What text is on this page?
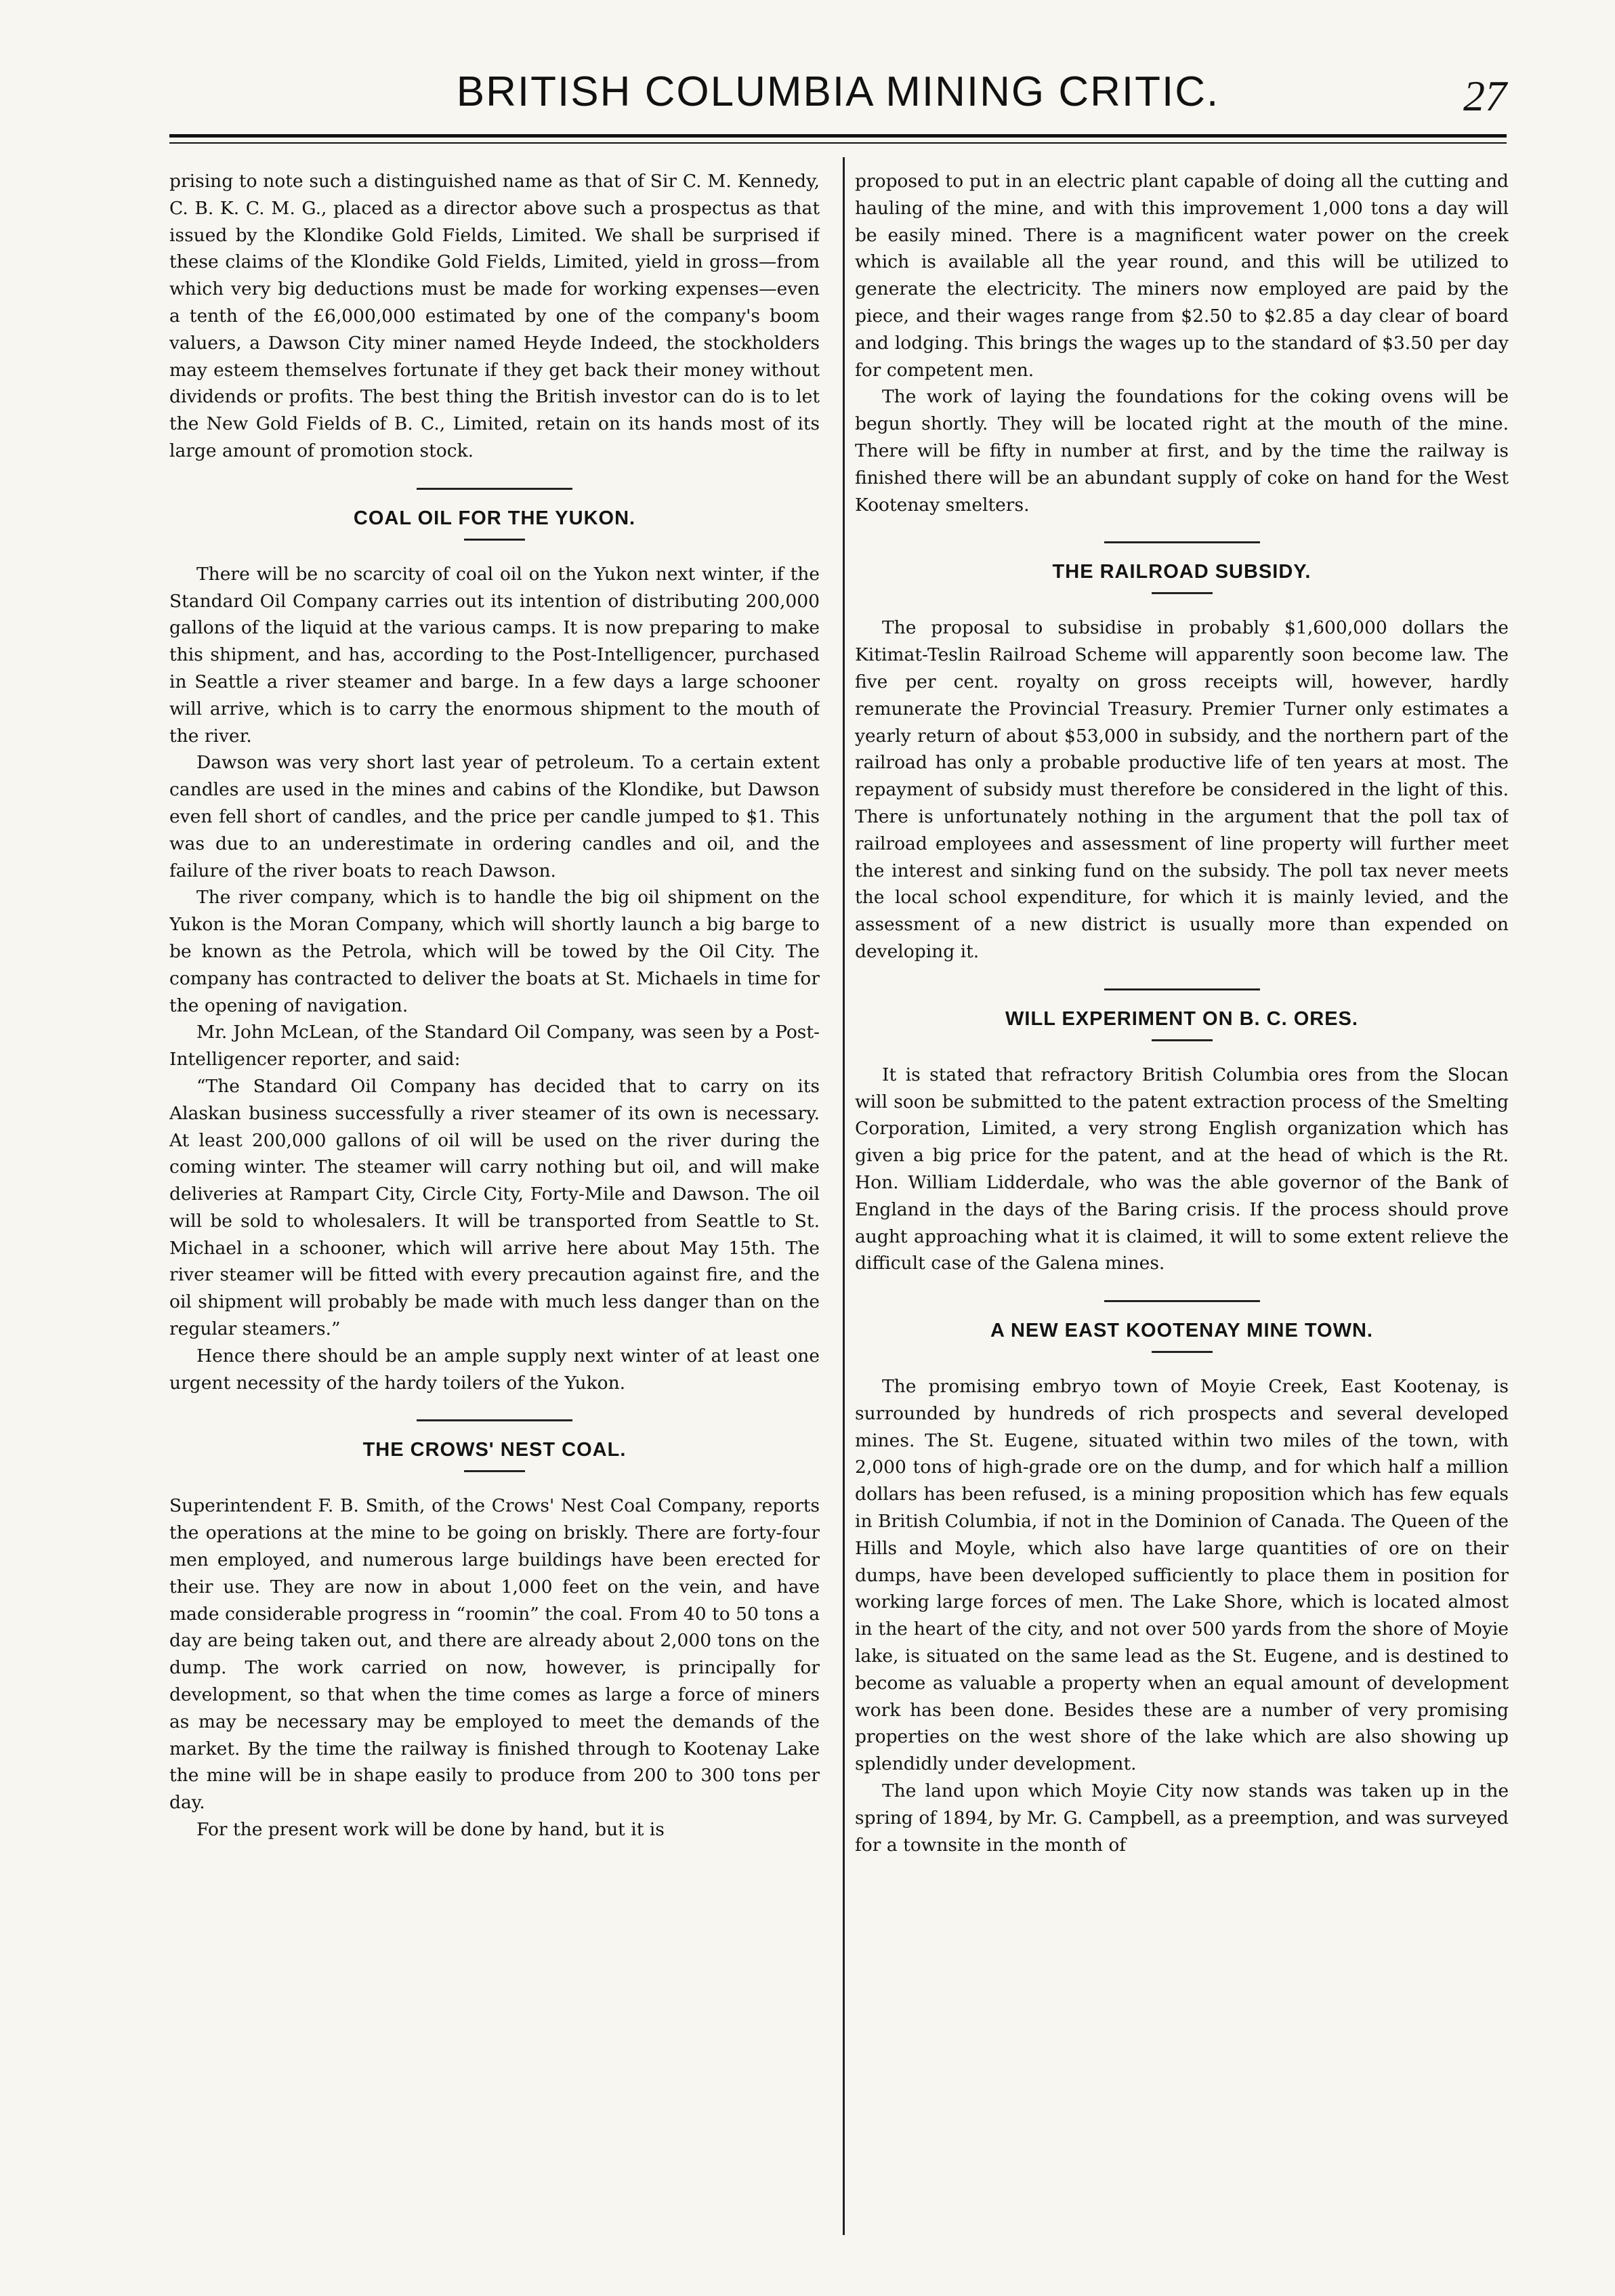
BRITISH COLUMBIA MINING CRITIC.	27

prising to note such a distinguished name as that of Sir C. M. Kennedy, C. B. K. C. M. G., placed as a director above such a prospectus as that issued by the Klondike Gold Fields, Limited. We shall be surprised if these claims of the Klondike Gold Fields, Limited, yield in gross—from which very big deductions must be made for working expenses—even a tenth of the £6,000,000 estimated by one of the company's boom valuers, a Dawson City miner named Heyde Indeed, the stockholders may esteem themselves fortunate if they get back their money without dividends or profits. The best thing the British investor can do is to let the New Gold Fields of B. C., Limited, retain on its hands most of its large amount of promotion stock.

COAL OIL FOR THE YUKON.

There will be no scarcity of coal oil on the Yukon next winter, if the Standard Oil Company carries out its intention of distributing 200,000 gallons of the liquid at the various camps. It is now preparing to make this shipment, and has, according to the Post-Intelligencer, purchased in Seattle a river steamer and barge. In a few days a large schooner will arrive, which is to carry the enormous shipment to the mouth of the river.

Dawson was very short last year of petroleum. To a certain extent candles are used in the mines and cabins of the Klondike, but Dawson even fell short of candles, and the price per candle jumped to $1. This was due to an underestimate in ordering candles and oil, and the failure of the river boats to reach Dawson.

The river company, which is to handle the big oil shipment on the Yukon is the Moran Company, which will shortly launch a big barge to be known as the Petrola, which will be towed by the Oil City. The company has contracted to deliver the boats at St. Michaels in time for the opening of navigation.

Mr. John McLean, of the Standard Oil Company, was seen by a Post-Intelligencer reporter, and said:

“The Standard Oil Company has decided that to carry on its Alaskan business successfully a river steamer of its own is necessary. At least 200,000 gallons of oil will be used on the river during the coming winter. The steamer will carry nothing but oil, and will make deliveries at Rampart City, Circle City, Forty-Mile and Dawson. The oil will be sold to wholesalers. It will be transported from Seattle to St. Michael in a schooner, which will arrive here about May 15th. The river steamer will be fitted with every precaution against fire, and the oil shipment will probably be made with much less danger than on the regular steamers.”

Hence there should be an ample supply next winter of at least one urgent necessity of the hardy toilers of the Yukon.

THE CROWS' NEST COAL.

Superintendent F. B. Smith, of the Crows' Nest Coal Company, reports the operations at the mine to be going on briskly. There are forty-four men employed, and numerous large buildings have been erected for their use. They are now in about 1,000 feet on the vein, and have made considerable progress in “roomin” the coal. From 40 to 50 tons a day are being taken out, and there are already about 2,000 tons on the dump. The work carried on now, however, is principally for development, so that when the time comes as large a force of miners as may be necessary may be employed to meet the demands of the market. By the time the railway is finished through to Kootenay Lake the mine will be in shape easily to produce from 200 to 300 tons per day.

For the present work will be done by hand, but it is

proposed to put in an electric plant capable of doing all the cutting and hauling of the mine, and with this improvement 1,000 tons a day will be easily mined. There is a magnificent water power on the creek which is available all the year round, and this will be utilized to generate the electricity. The miners now employed are paid by the piece, and their wages range from $2.50 to $2.85 a day clear of board and lodging. This brings the wages up to the standard of $3.50 per day for competent men.

The work of laying the foundations for the coking ovens will be begun shortly. They will be located right at the mouth of the mine. There will be fifty in number at first, and by the time the railway is finished there will be an abundant supply of coke on hand for the West Kootenay smelters.

THE RAILROAD SUBSIDY.

The proposal to subsidise in probably $1,600,000 dollars the Kitimat-Teslin Railroad Scheme will apparently soon become law. The five per cent. royalty on gross receipts will, however, hardly remunerate the Provincial Treasury. Premier Turner only estimates a yearly return of about $53,000 in subsidy, and the northern part of the railroad has only a probable productive life of ten years at most. The repayment of subsidy must therefore be considered in the light of this. There is unfortunately nothing in the argument that the poll tax of railroad employees and assessment of line property will further meet the interest and sinking fund on the subsidy. The poll tax never meets the local school expenditure, for which it is mainly levied, and the assessment of a new district is usually more than expended on developing it.

WILL EXPERIMENT ON B. C. ORES.

It is stated that refractory British Columbia ores from the Slocan will soon be submitted to the patent extraction process of the Smelting Corporation, Limited, a very strong English organization which has given a big price for the patent, and at the head of which is the Rt. Hon. William Lidderdale, who was the able governor of the Bank of England in the days of the Baring crisis. If the process should prove aught approaching what it is claimed, it will to some extent relieve the difficult case of the Galena mines.

A NEW EAST KOOTENAY MINE TOWN.

The promising embryo town of Moyie Creek, East Kootenay, is surrounded by hundreds of rich prospects and several developed mines. The St. Eugene, situated within two miles of the town, with 2,000 tons of high-grade ore on the dump, and for which half a million dollars has been refused, is a mining proposition which has few equals in British Columbia, if not in the Dominion of Canada. The Queen of the Hills and Moyle, which also have large quantities of ore on their dumps, have been developed sufficiently to place them in position for working large forces of men. The Lake Shore, which is located almost in the heart of the city, and not over 500 yards from the shore of Moyie lake, is situated on the same lead as the St. Eugene, and is destined to become as valuable a property when an equal amount of development work has been done. Besides these are a number of very promising properties on the west shore of the lake which are also showing up splendidly under development.

The land upon which Moyie City now stands was taken up in the spring of 1894, by Mr. G. Campbell, as a preemption, and was surveyed for a townsite in the month of
